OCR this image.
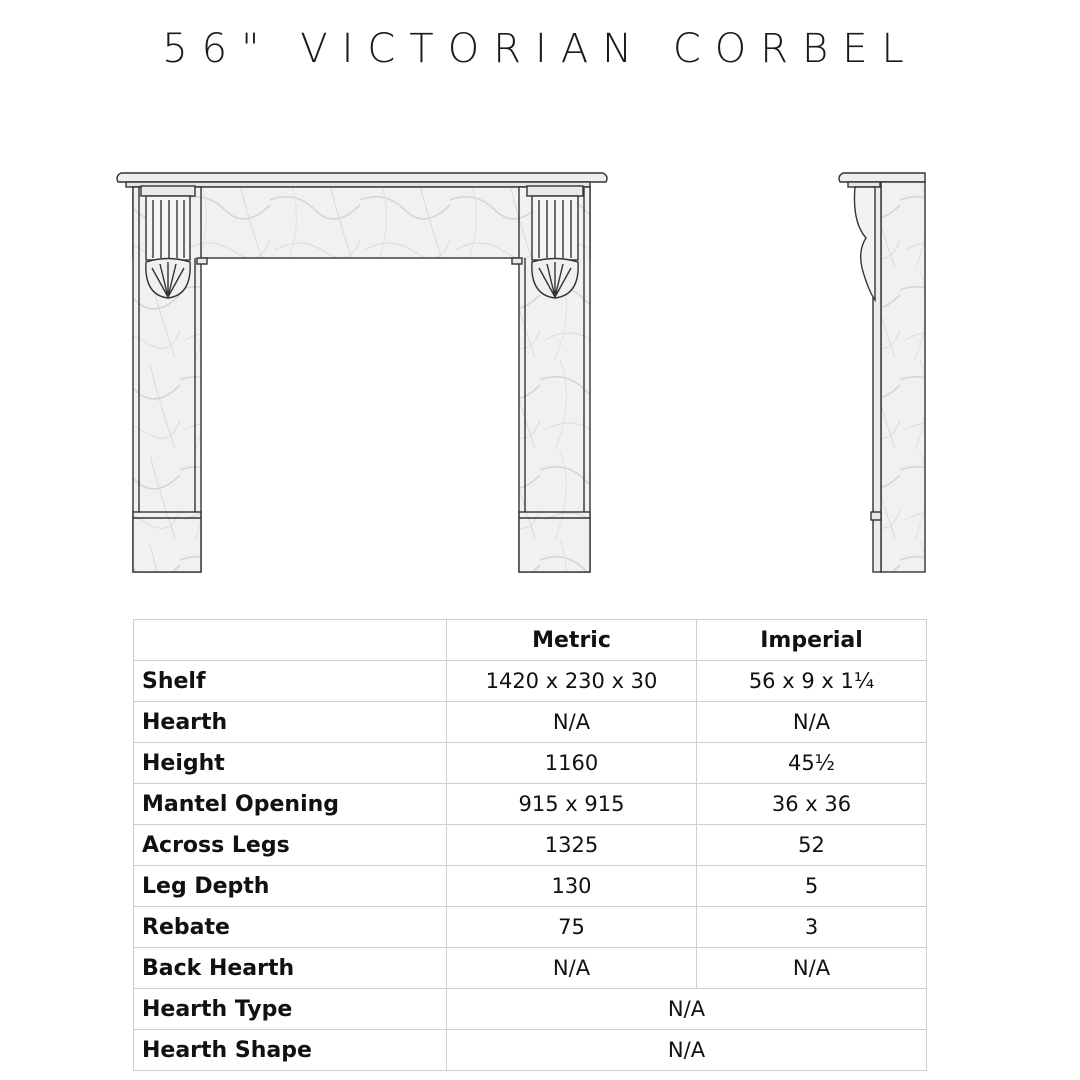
56" VICTORIAN CORBEL
	Metric	Imperial
Shelf	1420 x 230 x 30	56 x 9 x 1¼
Hearth	N/A	N/A
Height	1160	45½
Mantel Opening	915 x 915	36 x 36
Across Legs	1325	52
Leg Depth	130	5
Rebate	75	3
Back Hearth	N/A	N/A
Hearth Type	N/A	
Hearth Shape	N/A	
